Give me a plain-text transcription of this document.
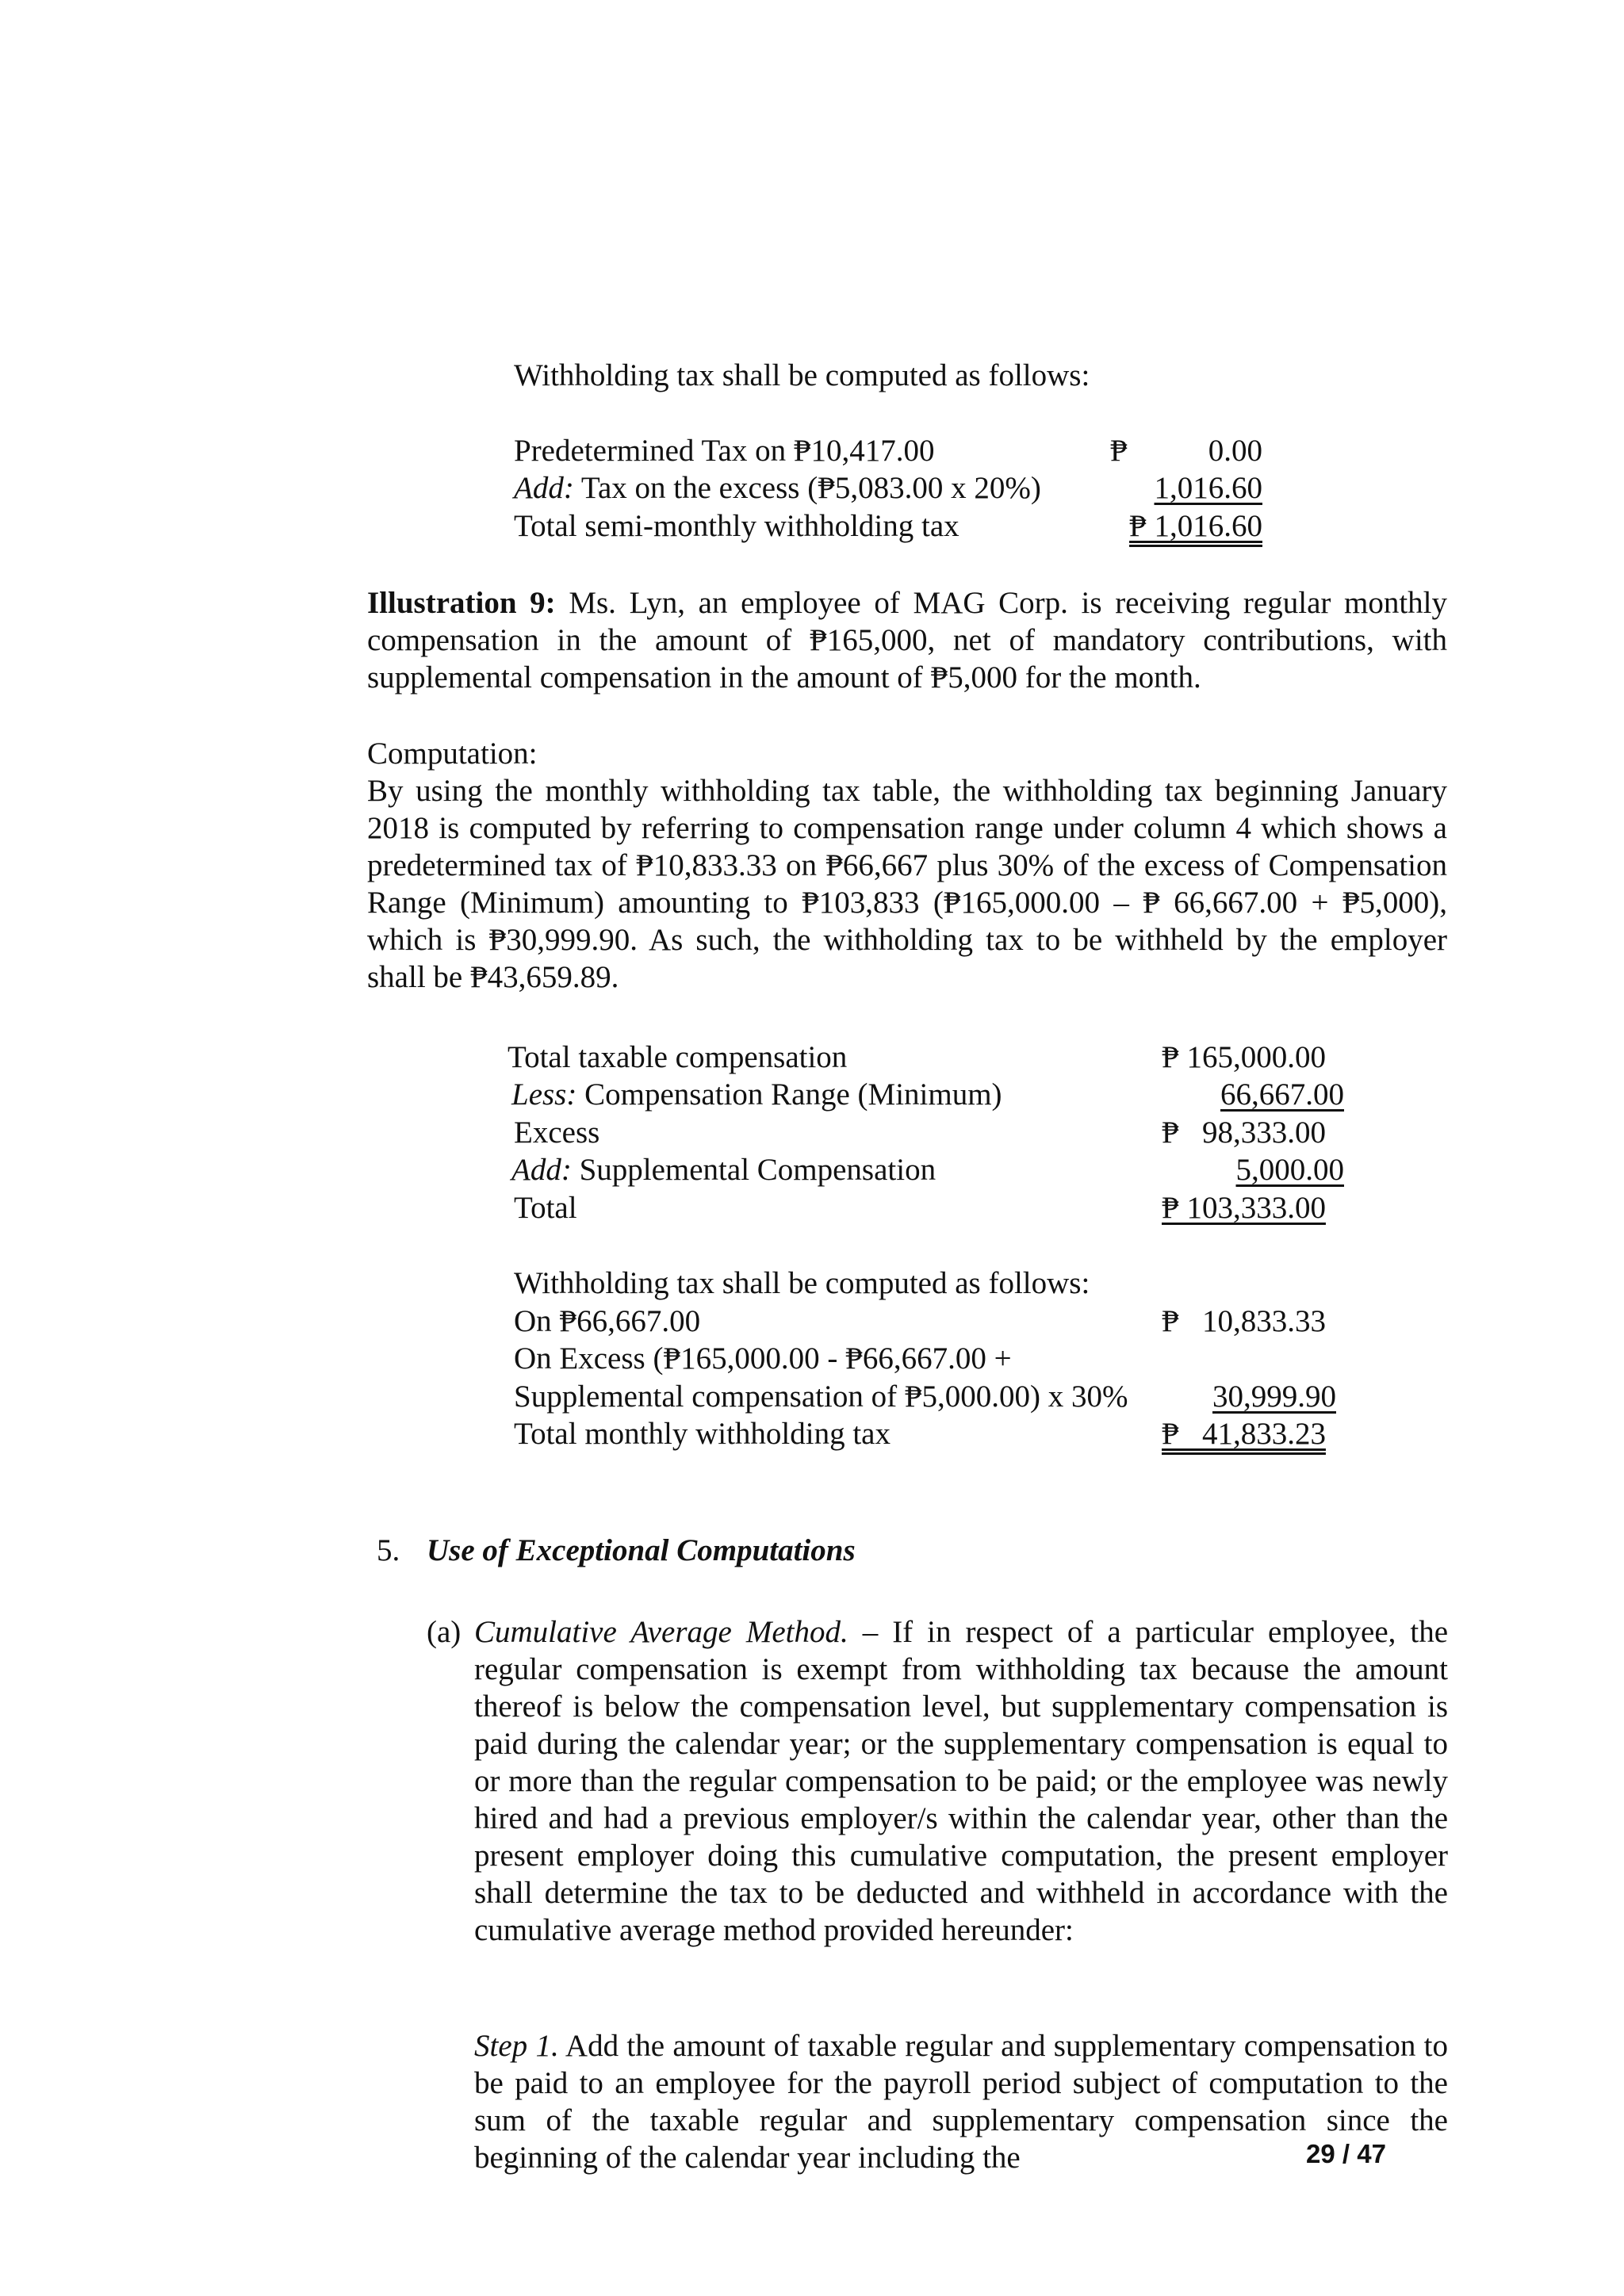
Withholding tax shall be computed as follows:
Predetermined Tax on ₱10,417.00	₱	0.00
Add: Tax on the excess (₱5,083.00 x 20%)	1,016.60
Total semi-monthly withholding tax	₱ 1,016.60
Illustration 9: Ms. Lyn, an employee of MAG Corp. is receiving regular monthly compensation in the amount of ₱165,000, net of mandatory contributions, with supplemental compensation in the amount of ₱5,000 for the month.
Computation:
By using the monthly withholding tax table, the withholding tax beginning January 2018 is computed by referring to compensation range under column 4 which shows a predetermined tax of ₱10,833.33 on ₱66,667 plus 30% of the excess of Compensation Range (Minimum) amounting to ₱103,833 (₱165,000.00 – ₱ 66,667.00 + ₱5,000), which is ₱30,999.90. As such, the withholding tax to be withheld by the employer shall be ₱43,659.89.
Total taxable compensation	₱ 165,000.00
Less: Compensation Range (Minimum)	66,667.00
Excess	₱   98,333.00
Add: Supplemental Compensation	5,000.00
Total	₱ 103,333.00
Withholding tax shall be computed as follows:
On ₱66,667.00	₱   10,833.33
On Excess (₱165,000.00 - ₱66,667.00 +
Supplemental compensation of ₱5,000.00) x 30%	30,999.90
Total monthly withholding tax	₱   41,833.23
5. Use of Exceptional Computations
(a) Cumulative Average Method. – If in respect of a particular employee, the regular compensation is exempt from withholding tax because the amount thereof is below the compensation level, but supplementary compensation is paid during the calendar year; or the supplementary compensation is equal to or more than the regular compensation to be paid; or the employee was newly hired and had a previous employer/s within the calendar year, other than the present employer doing this cumulative computation, the present employer shall determine the tax to be deducted and withheld in accordance with the cumulative average method provided hereunder:
Step 1. Add the amount of taxable regular and supplementary compensation to be paid to an employee for the payroll period subject of computation to the sum of the taxable regular and supplementary compensation since the beginning of the calendar year including the	29 / 47
